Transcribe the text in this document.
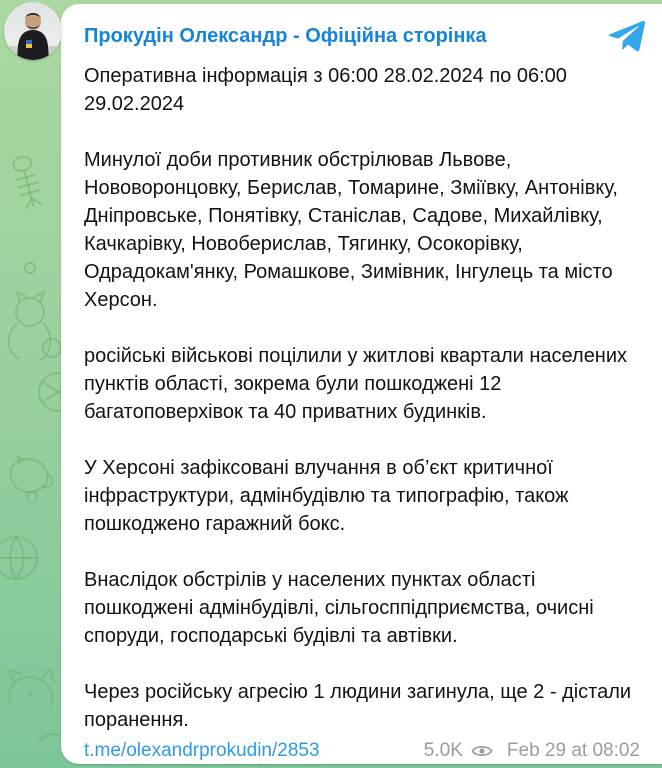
Прокудін Олександр - Офіційна сторінка

Оперативна інформація з 06:00 28.02.2024 по 06:00 29.02.2024

Минулої доби противник обстрілював Львове, Нововоронцовку, Берислав, Томарине, Зміївку, Антонівку, Дніпровське, Понятівку, Станіслав, Садове, Михайлівку, Качкарівку, Новоберислав, Тягинку, Осокорівку, Одрадокам'янку, Ромашкове, Зимівник, Інгулець та місто Херсон.

російські військові поцілили у житлові квартали населених пунктів області, зокрема були пошкоджені 12 багатоповерхівок та 40 приватних будинків.

У Херсоні зафіксовані влучання в об’єкт критичної інфраструктури, адмінбудівлю та типографію, також пошкоджено гаражний бокс.

Внаслідок обстрілів у населених пунктах області пошкоджені адмінбудівлі, сільгосппідприємства, очисні споруди, господарські будівлі та автівки.

Через російську агресію 1 людини загинула, ще 2 - дістали поранення.

t.me/olexandrprokudin/2853	5.0K Feb 29 at 08:02
